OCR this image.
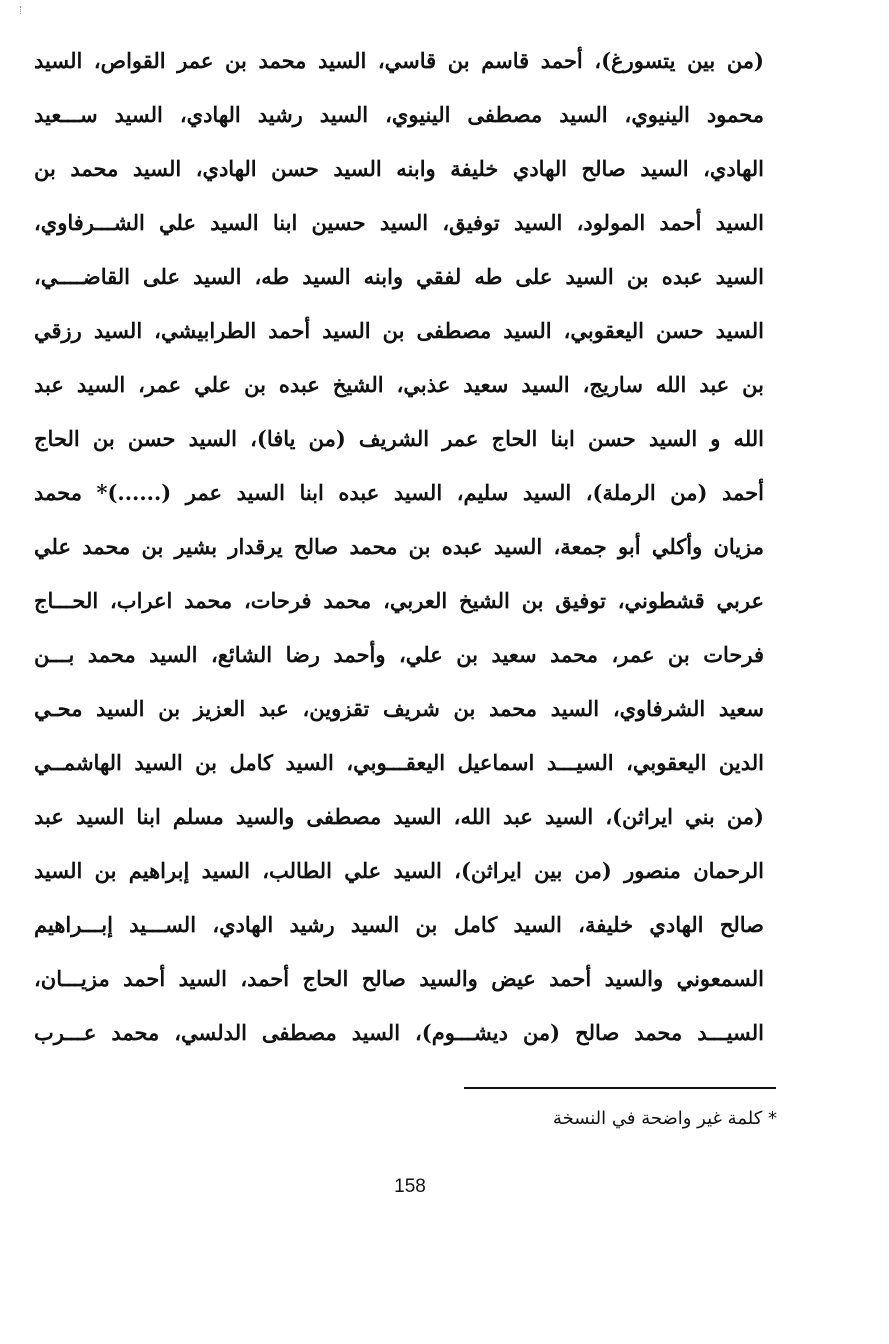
(من بين يتسورغ)، أحمد قاسم بن قاسي، السيد محمد بن عمر القواص، السيد
محمود الينيوي، السيد مصطفى الينيوي، السيد رشيد الهادي، السيد ســـعيد
الهادي، السيد صالح الهادي خليفة وابنه السيد حسن الهادي، السيد محمد بن
السيد أحمد المولود، السيد توفيق، السيد حسين ابنا السيد علي الشـــرفاوي،
السيد عبده بن السيد على طه لفقي وابنه السيد طه، السيد على القاضــــي،
السيد حسن اليعقوبي، السيد مصطفى بن السيد أحمد الطرابيشي، السيد رزقي
بن عبد الله ساريج، السيد سعيد عذبي، الشيخ عبده بن علي عمر، السيد عبد
الله و السيد حسن ابنا الحاج عمر الشريف (من يافا)، السيد حسن بن الحاج
أحمد (من الرملة)، السيد سليم، السيد عبده ابنا السيد عمر (......)* محمد
مزيان وأكلي أبو جمعة، السيد عبده بن محمد صالح يرقدار بشير بن محمد علي
عربي قشطوني، توفيق بن الشيخ العربي، محمد فرحات، محمد اعراب، الحـــاج
فرحات بن عمر، محمد سعيد بن علي، وأحمد رضا الشائع، السيد محمد بـــن
سعيد الشرفاوي، السيد محمد بن شريف تقزوين، عبد العزيز بن السيد محـي
الدين اليعقوبي، السيـــد اسماعيل اليعقـــوبي، السيد كامل بن السيد الهاشمــي
(من بني ايراثن)، السيد عبد الله، السيد مصطفى والسيد مسلم ابنا السيد عبد
الرحمان منصور (من بين ايراثن)، السيد علي الطالب، السيد إبراهيم بن السيد
صالح الهادي خليفة، السيد كامل بن السيد رشيد الهادي، الســـيد إبـــراهيم
السمعوني والسيد أحمد عيض والسيد صالح الحاج أحمد، السيد أحمد مزيـــان،
السيـــد محمد صالح (من ديشـــوم)، السيد مصطفى الدلسي، محمد عـــرب
* كلمة غير واضحة في النسخة
158
